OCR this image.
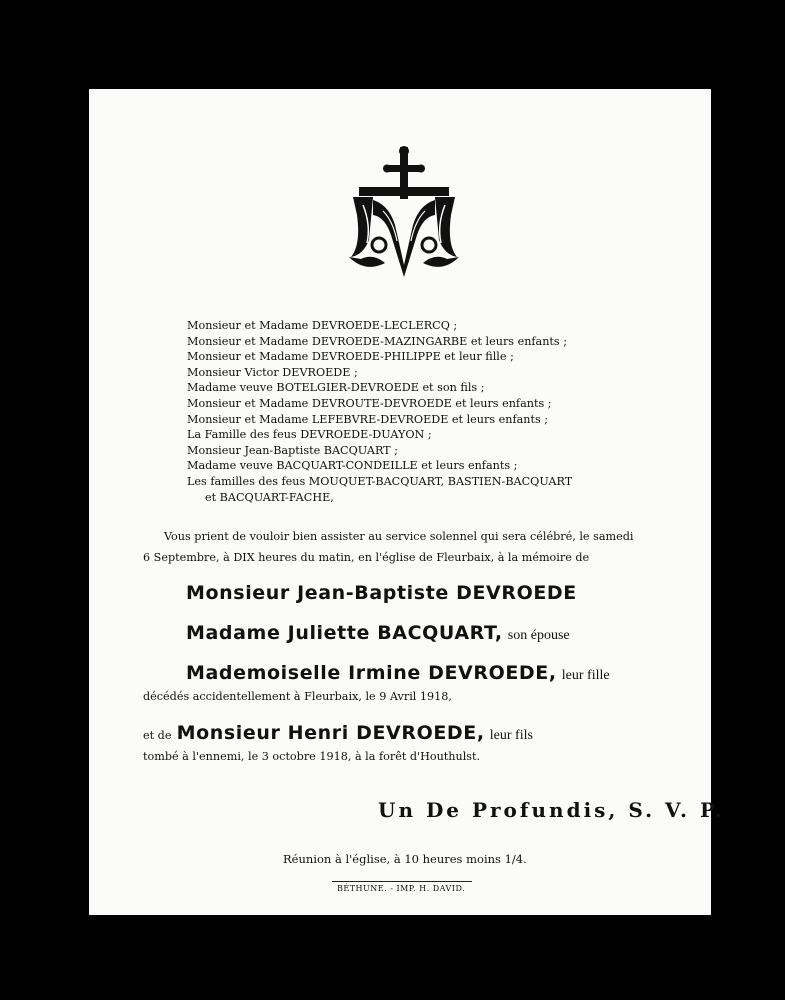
Monsieur et Madame DEVROEDE-LECLERCQ ;
Monsieur et Madame DEVROEDE-MAZINGARBE et leurs enfants ;
Monsieur et Madame DEVROEDE-PHILIPPE et leur fille ;
Monsieur Victor DEVROEDE ;
Madame veuve BOTELGIER-DEVROEDE et son fils ;
Monsieur et Madame DEVROUTE-DEVROEDE et leurs enfants ;
Monsieur et Madame LEFEBVRE-DEVROEDE et leurs enfants ;
La Famille des feus DEVROEDE-DUAYON ;
Monsieur Jean-Baptiste BACQUART ;
Madame veuve BACQUART-CONDEILLE et leurs enfants ;
Les familles des feus MOUQUET-BACQUART, BASTIEN-BACQUART
et BACQUART-FACHE,
Vous prient de vouloir bien assister au service solennel qui sera célébré, le samedi
6 Septembre, à DIX heures du matin, en l'église de Fleurbaix, à la mémoire de
Monsieur Jean-Baptiste DEVROEDE
Madame Juliette BACQUART, son épouse
Mademoiselle Irmine DEVROEDE, leur fille
décédés accidentellement à Fleurbaix, le 9 Avril 1918,
et de Monsieur Henri DEVROEDE, leur fils
tombé à l'ennemi, le 3 octobre 1918, à la forêt d'Houthulst.
Un De Profundis, S. V. P.
Réunion à l'église, à 10 heures moins 1/4.
BÉTHUNE. - IMP. H. DAVID.
